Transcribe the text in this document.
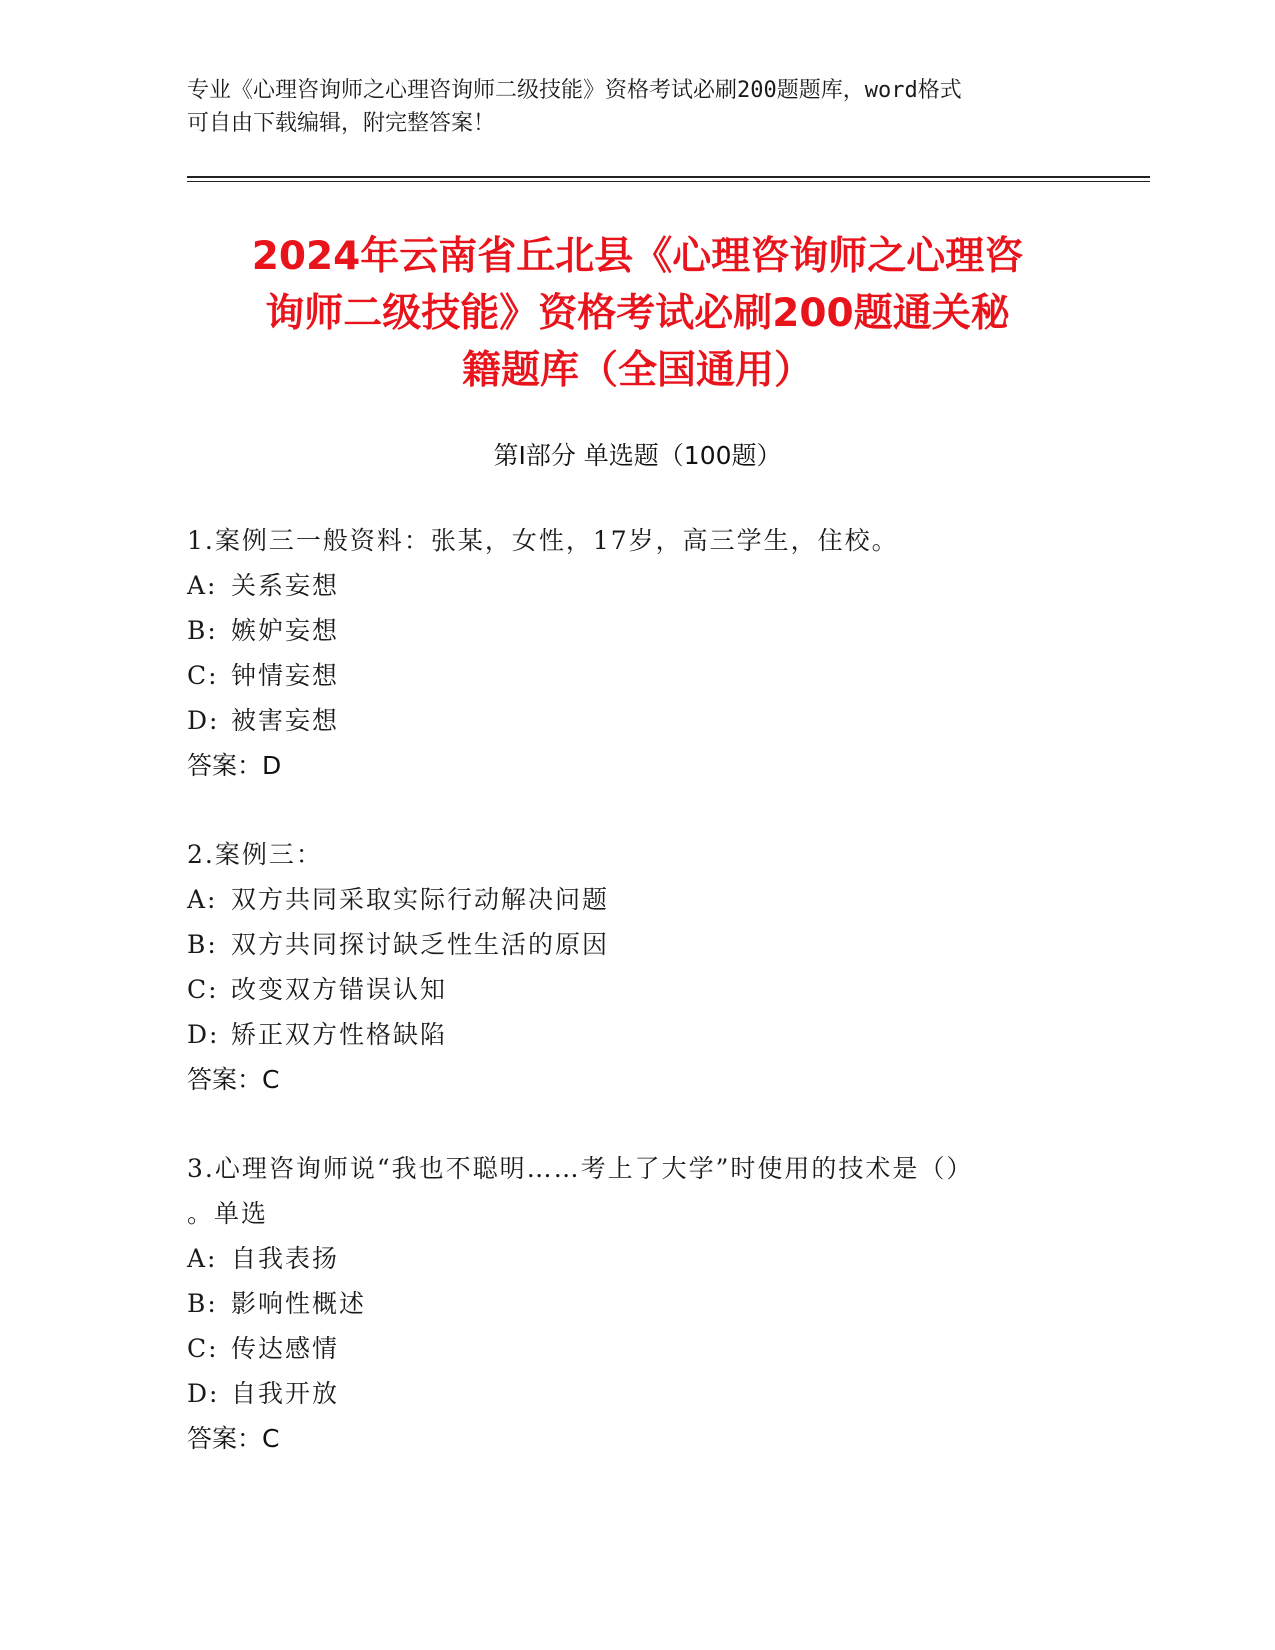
专业《心理咨询师之心理咨询师二级技能》资格考试必刷200题题库，word格式
可自由下载编辑，附完整答案！
2024年云南省丘北县《心理咨询师之心理咨
询师二级技能》资格考试必刷200题通关秘
籍题库（全国通用）
第Ⅰ部分 单选题（100题）
1.案例三一般资料：张某，女性，17岁，高三学生，住校。
A: 关系妄想
B: 嫉妒妄想
C: 钟情妄想
D: 被害妄想
答案：D
2.案例三：
A: 双方共同采取实际行动解决问题
B: 双方共同探讨缺乏性生活的原因
C: 改变双方错误认知
D: 矫正双方性格缺陷
答案：C
3.心理咨询师说“我也不聪明……考上了大学”时使用的技术是（）
。单选
A: 自我表扬
B: 影响性概述
C: 传达感情
D: 自我开放
答案：C
